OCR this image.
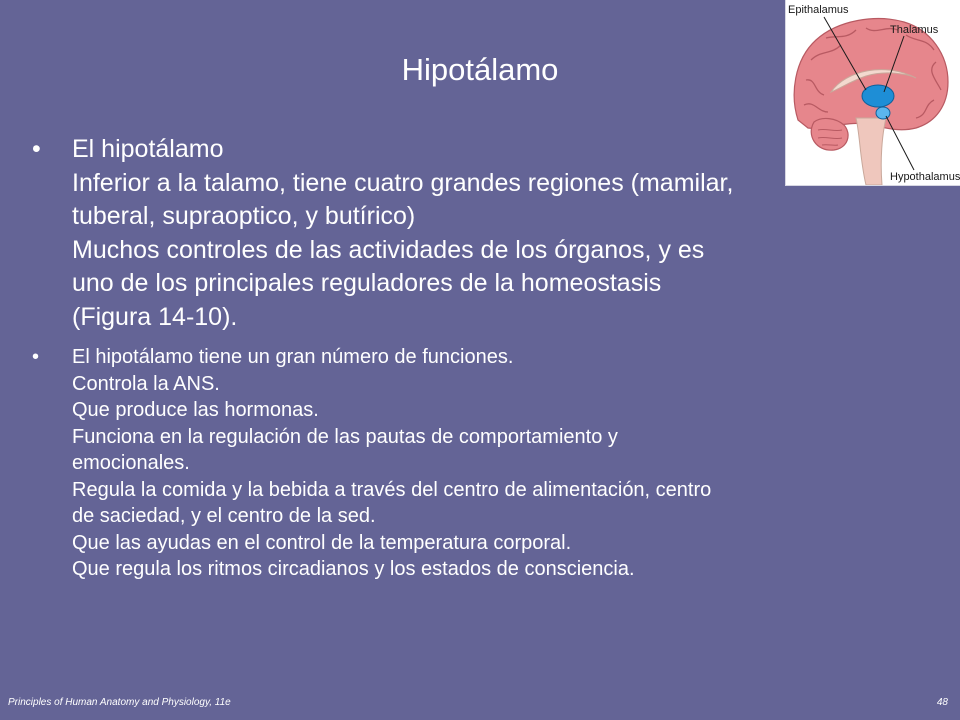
Hipotálamo
Epithalamus
Thalamus
Hypothalamus
• El hipotálamo
Inferior a la talamo, tiene cuatro grandes regiones (mamilar,
tuberal, supraoptico, y butírico)
Muchos controles de las actividades de los órganos, y es
uno de los principales reguladores de la homeostasis
(Figura 14-10).
• El hipotálamo tiene un gran número de funciones.
Controla la ANS.
Que produce las hormonas.
Funciona en la regulación de las pautas de comportamiento y
emocionales.
Regula la comida y la bebida a través del centro de alimentación, centro
de saciedad, y el centro de la sed.
Que las ayudas en el control de la temperatura corporal.
Que regula los ritmos circadianos y los estados de consciencia.
Principles of Human Anatomy and Physiology, 11e	48
